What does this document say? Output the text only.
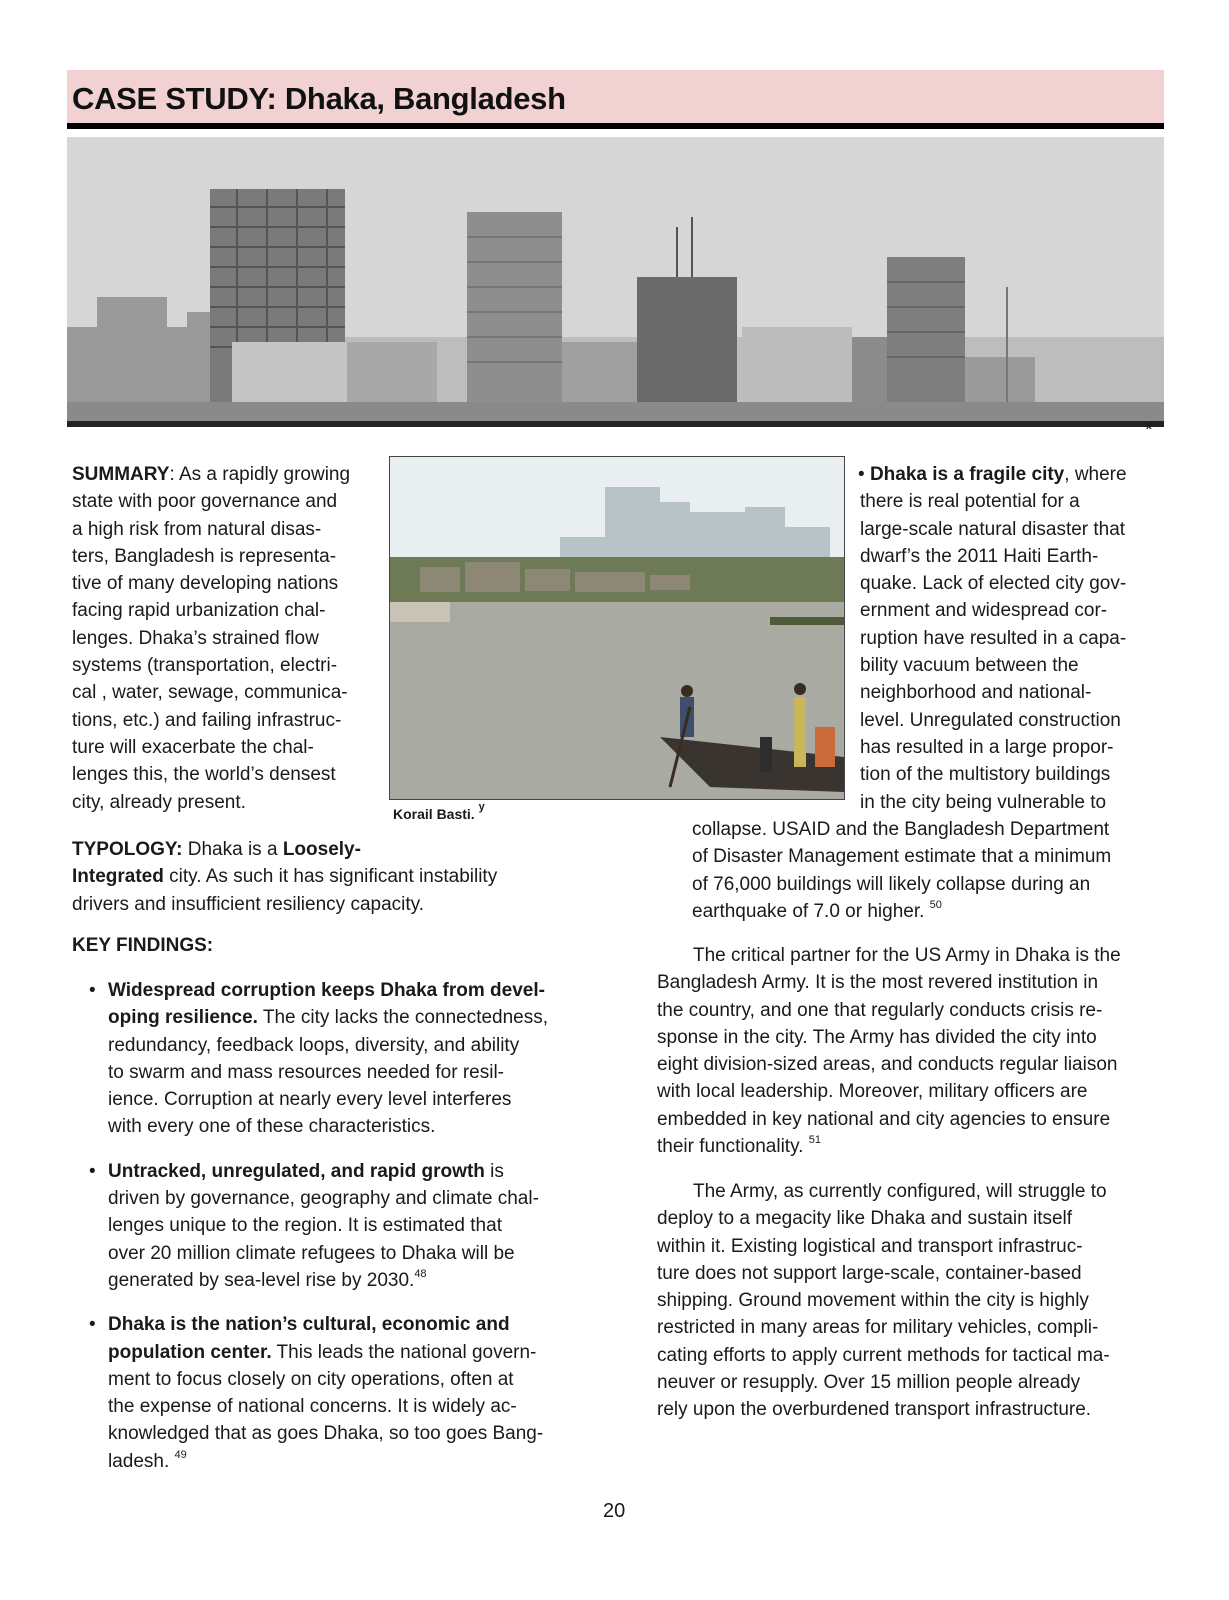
CASE STUDY: Dhaka, Bangladesh
x
Korail Basti. $^y$

SUMMARY: As a rapidly growing

state with poor governance and

a high risk from natural disas-

ters, Bangladesh is representa-

tive of many developing nations

facing rapid urbanization chal-

lenges. Dhaka’s strained flow

systems (transportation, electri-

cal , water, sewage, communica-

tions, etc.) and failing infrastruc-

ture will exacerbate the chal-

lenges this, the world’s densest

city, already present.

TYPOLOGY: Dhaka is a Loosely-

Integrated city. As such it has significant instability

drivers and insufficient resiliency capacity.

KEY FINDINGS:
• Widespread corruption keeps Dhaka from devel-

oping resilience. The city lacks the connectedness,

redundancy, feedback loops, diversity, and ability

to swarm and mass resources needed for resil-

ience. Corruption at nearly every level interferes

with every one of these characteristics.

• Untracked, unregulated, and rapid growth is

driven by governance, geography and climate chal-

lenges unique to the region. It is estimated that

over 20 million climate refugees to Dhaka will be

generated by sea-level rise by 2030.48

• Dhaka is the nation’s cultural, economic and

population center. This leads the national govern-

ment to focus closely on city operations, often at

the expense of national concerns. It is widely ac-

knowledged that as goes Dhaka, so too goes Bang-

ladesh. $^{49}$

• Dhaka is a fragile city, where

there is real potential for a

large-scale natural disaster that

dwarf’s the 2011 Haiti Earth-

quake. Lack of elected city gov-

ernment and widespread cor-

ruption have resulted in a capa-

bility vacuum between the

neighborhood and national-

level. Unregulated construction

has resulted in a large propor-

tion of the multistory buildings

in the city being vulnerable to

collapse. USAID and the Bangladesh Department

of Disaster Management estimate that a minimum

of 76,000 buildings will likely collapse during an

earthquake of 7.0 or higher. $^{50}$

The critical partner for the US Army in Dhaka is the

Bangladesh Army. It is the most revered institution in

the country, and one that regularly conducts crisis re-

sponse in the city. The Army has divided the city into

eight division-sized areas, and conducts regular liaison

with local leadership. Moreover, military officers are

embedded in key national and city agencies to ensure

their functionality. $^{51}$

The Army, as currently configured, will struggle to

deploy to a megacity like Dhaka and sustain itself

within it. Existing logistical and transport infrastruc-

ture does not support large-scale, container-based

shipping. Ground movement within the city is highly

restricted in many areas for military vehicles, compli-

cating efforts to apply current methods for tactical ma-

neuver or resupply. Over 15 million people already

rely upon the overburdened transport infrastructure.

20
